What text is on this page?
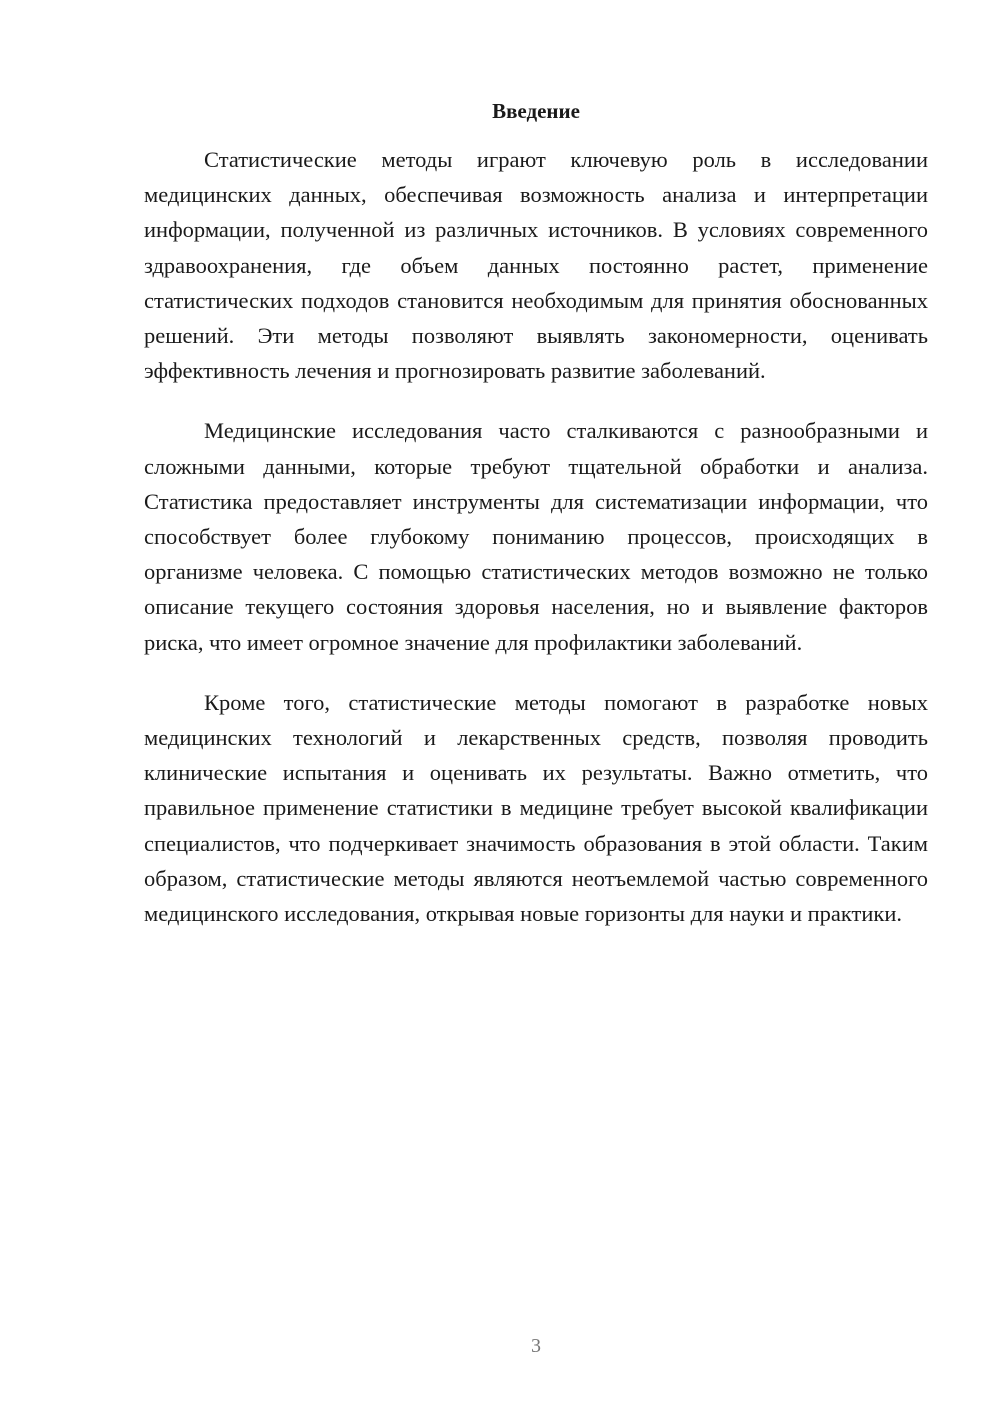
Введение

Статистические методы играют ключевую роль в исследовании медицинских данных, обеспечивая возможность анализа и интерпретации информации, полученной из различных источников. В условиях современного здравоохранения, где объем данных постоянно растет, применение статистических подходов становится необходимым для принятия обоснованных решений. Эти методы позволяют выявлять закономерности, оценивать эффективность лечения и прогнозировать развитие заболеваний.

Медицинские исследования часто сталкиваются с разнообразными и сложными данными, которые требуют тщательной обработки и анализа. Статистика предоставляет инструменты для систематизации информации, что способствует более глубокому пониманию процессов, происходящих в организме человека. С помощью статистических методов возможно не только описание текущего состояния здоровья населения, но и выявление факторов риска, что имеет огромное значение для профилактики заболеваний.

Кроме того, статистические методы помогают в разработке новых медицинских технологий и лекарственных средств, позволяя проводить клинические испытания и оценивать их результаты. Важно отметить, что правильное применение статистики в медицине требует высокой квалификации специалистов, что подчеркивает значимость образования в этой области. Таким образом, статистические методы являются неотъемлемой частью современного медицинского исследования, открывая новые горизонты для науки и практики.

3
